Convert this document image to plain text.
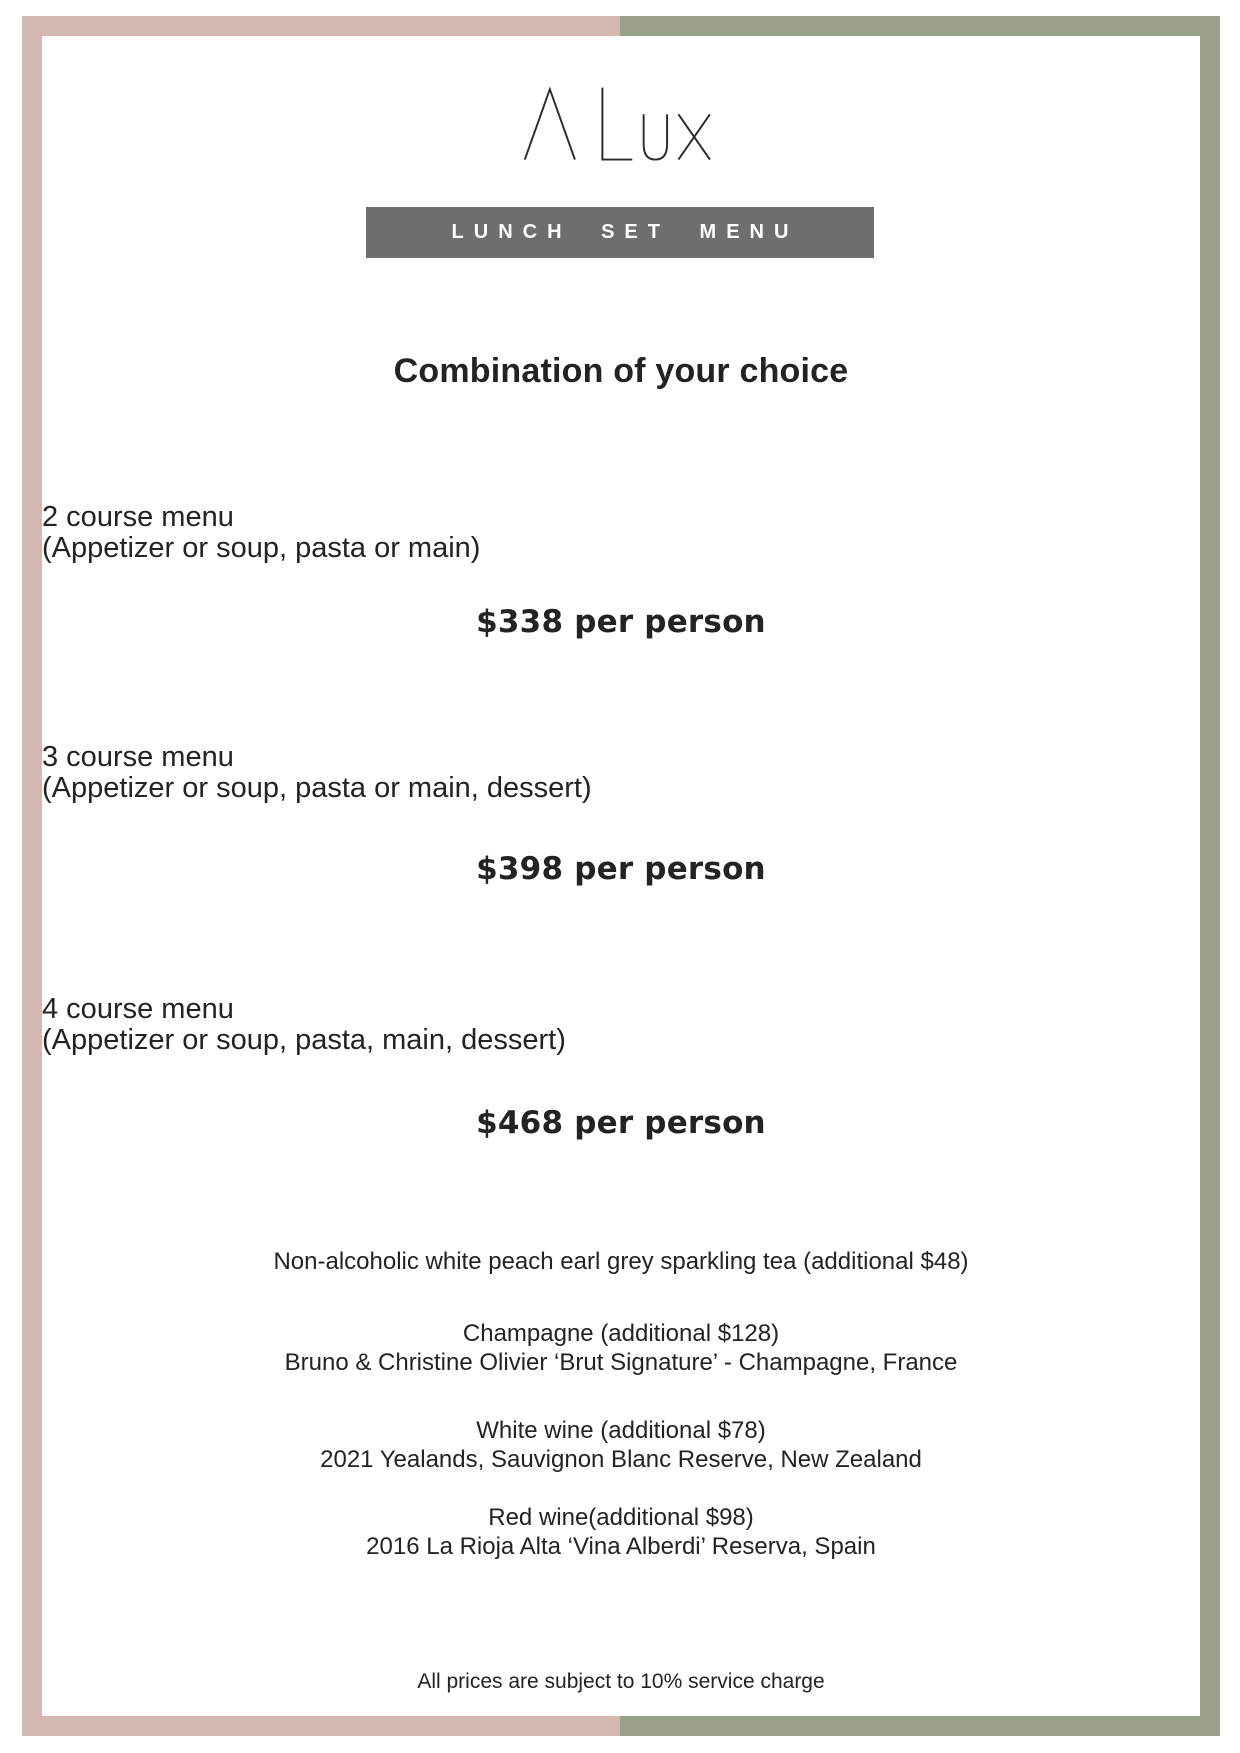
LUNCH SET MENU
Combination of your choice
2 course menu
(Appetizer or soup, pasta or main)
$338 per person
3 course menu
(Appetizer or soup, pasta or main, dessert)
$398 per person
4 course menu
(Appetizer or soup, pasta, main, dessert)
$468 per person
Non-alcoholic white peach earl grey sparkling tea (additional $48)
Champagne (additional $128)
Bruno & Christine Olivier ‘Brut Signature’ - Champagne, France
White wine (additional $78)
2021 Yealands, Sauvignon Blanc Reserve, New Zealand
Red wine(additional $98)
2016 La Rioja Alta ‘Vina Alberdi’ Reserva, Spain
All prices are subject to 10% service charge
